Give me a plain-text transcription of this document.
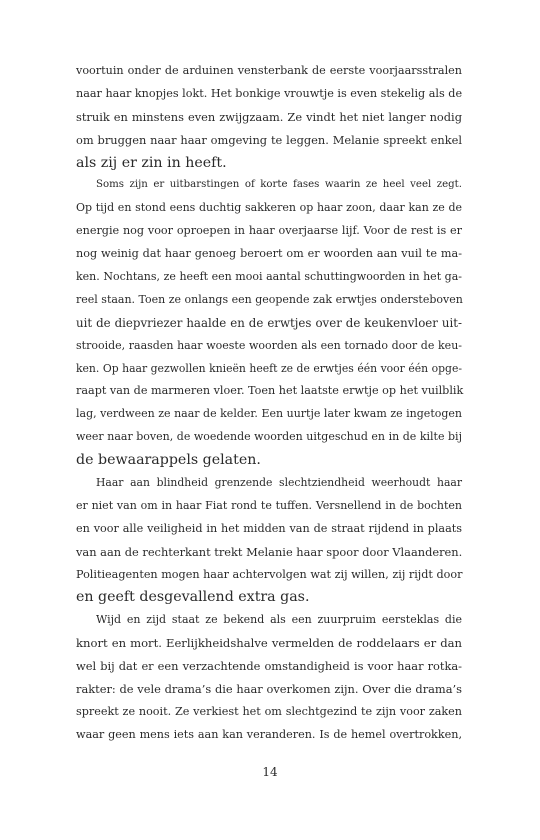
voortuin onder de arduinen vensterbank de eerste voorjaarsstralen
naar haar knopjes lokt. Het bonkige vrouwtje is even stekelig als de
struik en minstens even zwijgzaam. Ze vindt het niet langer nodig
om bruggen naar haar omgeving te leggen. Melanie spreekt enkel
als zij er zin in heeft.
Soms zijn er uitbarstingen of korte fases waarin ze heel veel zegt.
Op tijd en stond eens duchtig sakkeren op haar zoon, daar kan ze de
energie nog voor oproepen in haar overjaarse lijf. Voor de rest is er
nog weinig dat haar genoeg beroert om er woorden aan vuil te ma-
ken. Nochtans, ze heeft een mooi aantal schuttingwoorden in het ga-
reel staan. Toen ze onlangs een geopende zak erwtjes ondersteboven
uit de diepvriezer haalde en de erwtjes over de keukenvloer uit-
strooide, raasden haar woeste woorden als een tornado door de keu-
ken. Op haar gezwollen knieën heeft ze de erwtjes één voor één opge-
raapt van de marmeren vloer. Toen het laatste erwtje op het vuilblik
lag, verdween ze naar de kelder. Een uurtje later kwam ze ingetogen
weer naar boven, de woedende woorden uitgeschud en in de kilte bij
de bewaarappels gelaten.
Haar aan blindheid grenzende slechtziendheid weerhoudt haar
er niet van om in haar Fiat rond te tuffen. Versnellend in de bochten
en voor alle veiligheid in het midden van de straat rijdend in plaats
van aan de rechterkant trekt Melanie haar spoor door Vlaanderen.
Politieagenten mogen haar achtervolgen wat zij willen, zij rijdt door
en geeft desgevallend extra gas.
Wijd en zijd staat ze bekend als een zuurpruim eersteklas die
knort en mort. Eerlijkheidshalve vermelden de roddelaars er dan
wel bij dat er een verzachtende omstandigheid is voor haar rotka-
rakter: de vele drama’s die haar overkomen zijn. Over die drama’s
spreekt ze nooit. Ze verkiest het om slechtgezind te zijn voor zaken
waar geen mens iets aan kan veranderen. Is de hemel overtrokken,
14
